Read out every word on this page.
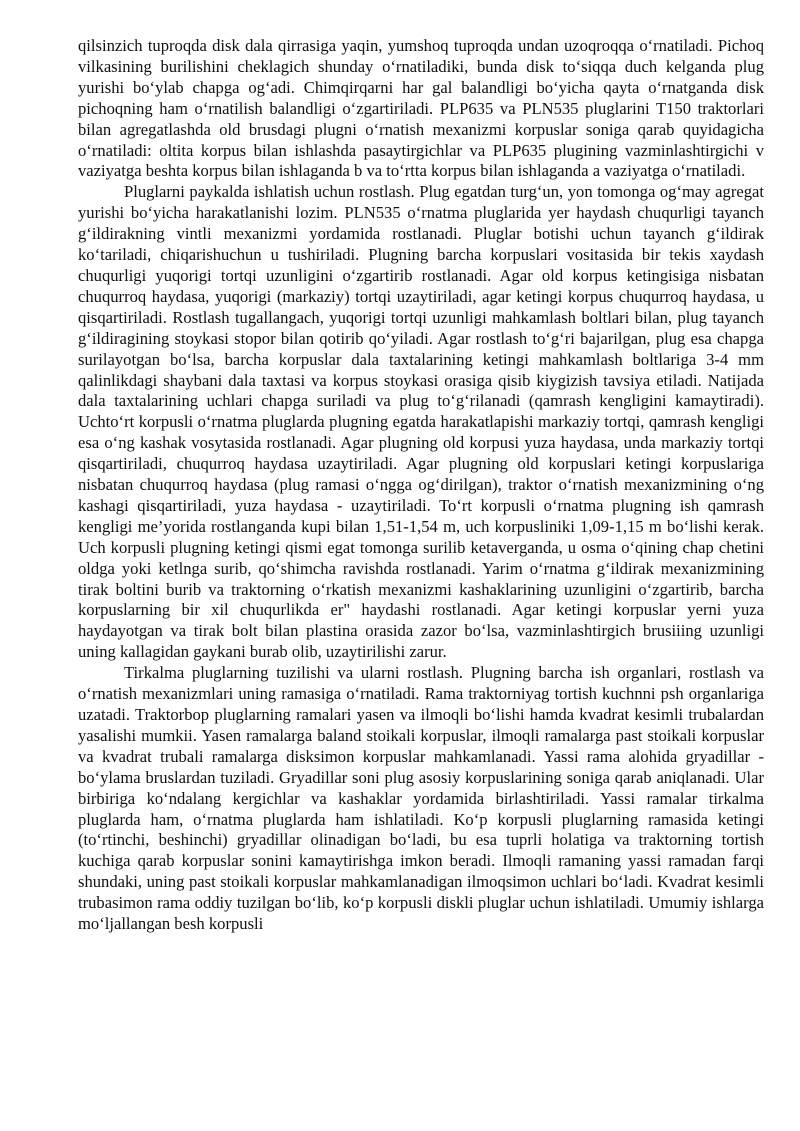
qilsinzich tuproqda disk dala qirrasiga yaqin, yumshoq tuproqda undan uzoqroqqa o‘rnatiladi. Pichoq vilkasining burilishini cheklagich shunday o‘rnatiladiki, bunda disk to‘siqqa duch kelganda plug yurishi bo‘ylab chapga og‘adi. Chimqirqarni har gal balandligi bo‘yicha qayta o‘rnatganda disk pichoqning ham o‘rnatilish balandligi o‘zgartiriladi. PLP635 va PLN535 pluglarini T150 traktorlari bilan agregatlashda old brusdagi plugni o‘rnatish mexanizmi korpuslar soniga qarab quyidagicha o‘rnatiladi: oltita korpus bilan ishlashda pasaytirgichlar va PLP635 plugining vazminlashtirgichi v vaziyatga beshta korpus bilan ishlaganda b va to‘rtta korpus bilan ishlaganda a vaziyatga o‘rnatiladi.

Pluglarni paykalda ishlatish uchun rostlash. Plug egatdan turg‘un, yon tomonga og‘may agregat yurishi bo‘yicha harakatlanishi lozim. PLN535 o‘rnatma pluglarida yer haydash chuqurligi tayanch g‘ildirakning vintli mexanizmi yordamida rostlanadi. Pluglar botishi uchun tayanch g‘ildirak ko‘tariladi, chiqarishuchun u tushiriladi. Plugning barcha korpuslari vositasida bir tekis xaydash chuqurligi yuqorigi tortqi uzunligini o‘zgartirib rostlanadi. Agar old korpus ketingisiga nisbatan chuqurroq haydasa, yuqorigi (markaziy) tortqi uzaytiriladi, agar ketingi korpus chuqurroq haydasa, u qisqartiriladi. Rostlash tugallangach, yuqorigi tortqi uzunligi mahkamlash boltlari bilan, plug tayanch g‘ildiragining stoykasi stopor bilan qotirib qo‘yiladi. Agar rostlash to‘g‘ri bajarilgan, plug esa chapga surilayotgan bo‘lsa, barcha korpuslar dala taxtalarining ketingi mahkamlash boltlariga 3-4 mm qalinlikdagi shaybani dala taxtasi va korpus stoykasi orasiga qisib kiygizish tavsiya etiladi. Natijada dala taxtalarining uchlari chapga suriladi va plug to‘g‘rilanadi (qamrash kengligini kamaytiradi). Uchto‘rt korpusli o‘rnatma pluglarda plugning egatda harakatlapishi markaziy tortqi, qamrash kengligi esa o‘ng kashak vosytasida rostlanadi. Agar plugning old korpusi yuza haydasa, unda markaziy tortqi qisqartiriladi, chuqurroq haydasa uzaytiriladi. Agar plugning old korpuslari ketingi korpuslariga nisbatan chuqurroq haydasa (plug ramasi o‘ngga og‘dirilgan), traktor o‘rnatish mexanizmining o‘ng kashagi qisqartiriladi, yuza haydasa - uzaytiriladi. To‘rt korpusli o‘rnatma plugning ish qamrash kengligi me’yorida rostlanganda kupi bilan 1,51-1,54 m, uch korpusliniki 1,09-1,15 m bo‘lishi kerak. Uch korpusli plugning ketingi qismi egat tomonga surilib ketaverganda, u osma o‘qining chap chetini oldga yoki ketlnga surib, qo‘shimcha ravishda rostlanadi. Yarim o‘rnatma g‘ildirak mexanizmining tirak boltini burib va traktorning o‘rkatish mexanizmi kashaklarining uzunligini o‘zgartirib, barcha korpuslarning bir xil chuqurlikda er" haydashi rostlanadi. Agar ketingi korpuslar yerni yuza haydayotgan va tirak bolt bilan plastina orasida zazor bo‘lsa, vazminlashtirgich brusiiing uzunligi uning kallagidan gaykani burab olib, uzaytirilishi zarur.

Tirkalma pluglarning tuzilishi va ularni rostlash. Plugning barcha ish organlari, rostlash va o‘rnatish mexanizmlari uning ramasiga o‘rnatiladi. Rama traktorniyag tortish kuchnni psh organlariga uzatadi. Traktorbop pluglarning ramalari yasen va ilmoqli bo‘lishi hamda kvadrat kesimli trubalardan yasalishi mumkii. Yasen ramalarga baland stoikali korpuslar, ilmoqli ramalarga past stoikali korpuslar va kvadrat trubali ramalarga disksimon korpuslar mahkamlanadi. Yassi rama alohida gryadillar - bo‘ylama bruslardan tuziladi. Gryadillar soni plug asosiy korpuslarining soniga qarab aniqlanadi. Ular birbiriga ko‘ndalang kergichlar va kashaklar yordamida birlashtiriladi. Yassi ramalar tirkalma pluglarda ham, o‘rnatma pluglarda ham ishlatiladi. Ko‘p korpusli pluglarning ramasida ketingi (to‘rtinchi, beshinchi) gryadillar olinadigan bo‘ladi, bu esa tuprli holatiga va traktorning tortish kuchiga qarab korpuslar sonini kamaytirishga imkon beradi. Ilmoqli ramaning yassi ramadan farqi shundaki, uning past stoikali korpuslar mahkamlanadigan ilmoqsimon uchlari bo‘ladi. Kvadrat kesimli trubasimon rama oddiy tuzilgan bo‘lib, ko‘p korpusli diskli pluglar uchun ishlatiladi. Umumiy ishlarga mo‘ljallangan besh korpusli
